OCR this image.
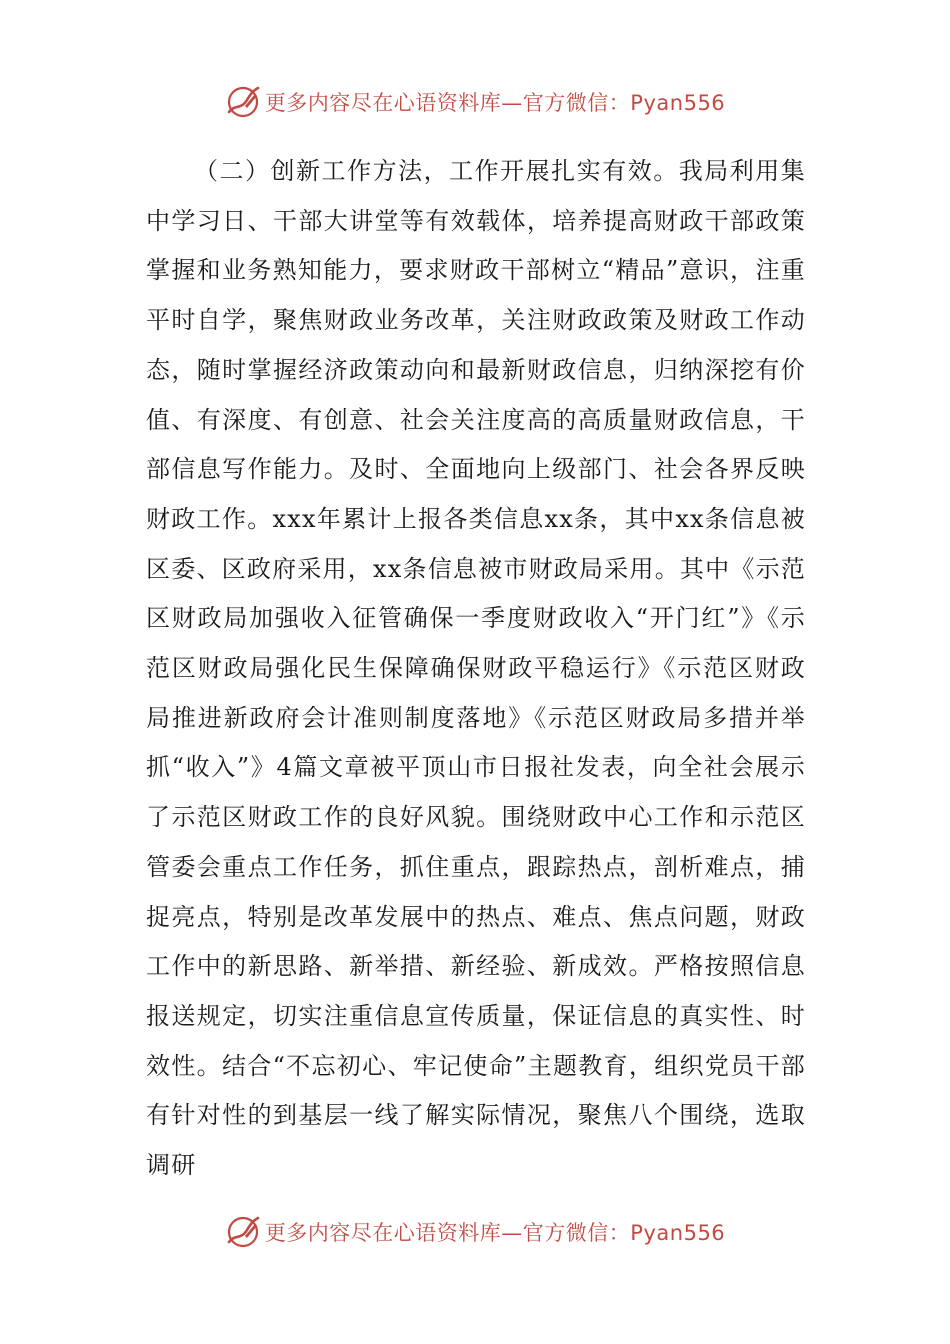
更多内容尽在心语资料库—官方微信：Pyan556

（二）创新工作方法，工作开展扎实有效。我局利用集中学习日、干部大讲堂等有效载体，培养提高财政干部政策掌握和业务熟知能力，要求财政干部树立“精品”意识，注重平时自学，聚焦财政业务改革，关注财政政策及财政工作动态，随时掌握经济政策动向和最新财政信息，归纳深挖有价值、有深度、有创意、社会关注度高的高质量财政信息，干部信息写作能力。及时、全面地向上级部门、社会各界反映财政工作。xxx年累计上报各类信息xx条，其中xx条信息被区委、区政府采用，xx条信息被市财政局采用。其中《示范区财政局加强收入征管确保一季度财政收入“开门红”》《示范区财政局强化民生保障确保财政平稳运行》《示范区财政局推进新政府会计准则制度落地》《示范区财政局多措并举抓“收入”》4篇文章被平顶山市日报社发表，向全社会展示了示范区财政工作的良好风貌。围绕财政中心工作和示范区管委会重点工作任务，抓住重点，跟踪热点，剖析难点，捕捉亮点，特别是改革发展中的热点、难点、焦点问题，财政工作中的新思路、新举措、新经验、新成效。严格按照信息报送规定，切实注重信息宣传质量，保证信息的真实性、时效性。结合“不忘初心、牢记使命”主题教育，组织党员干部有针对性的到基层一线了解实际情况，聚焦八个围绕，选取调研

更多内容尽在心语资料库—官方微信：Pyan556
